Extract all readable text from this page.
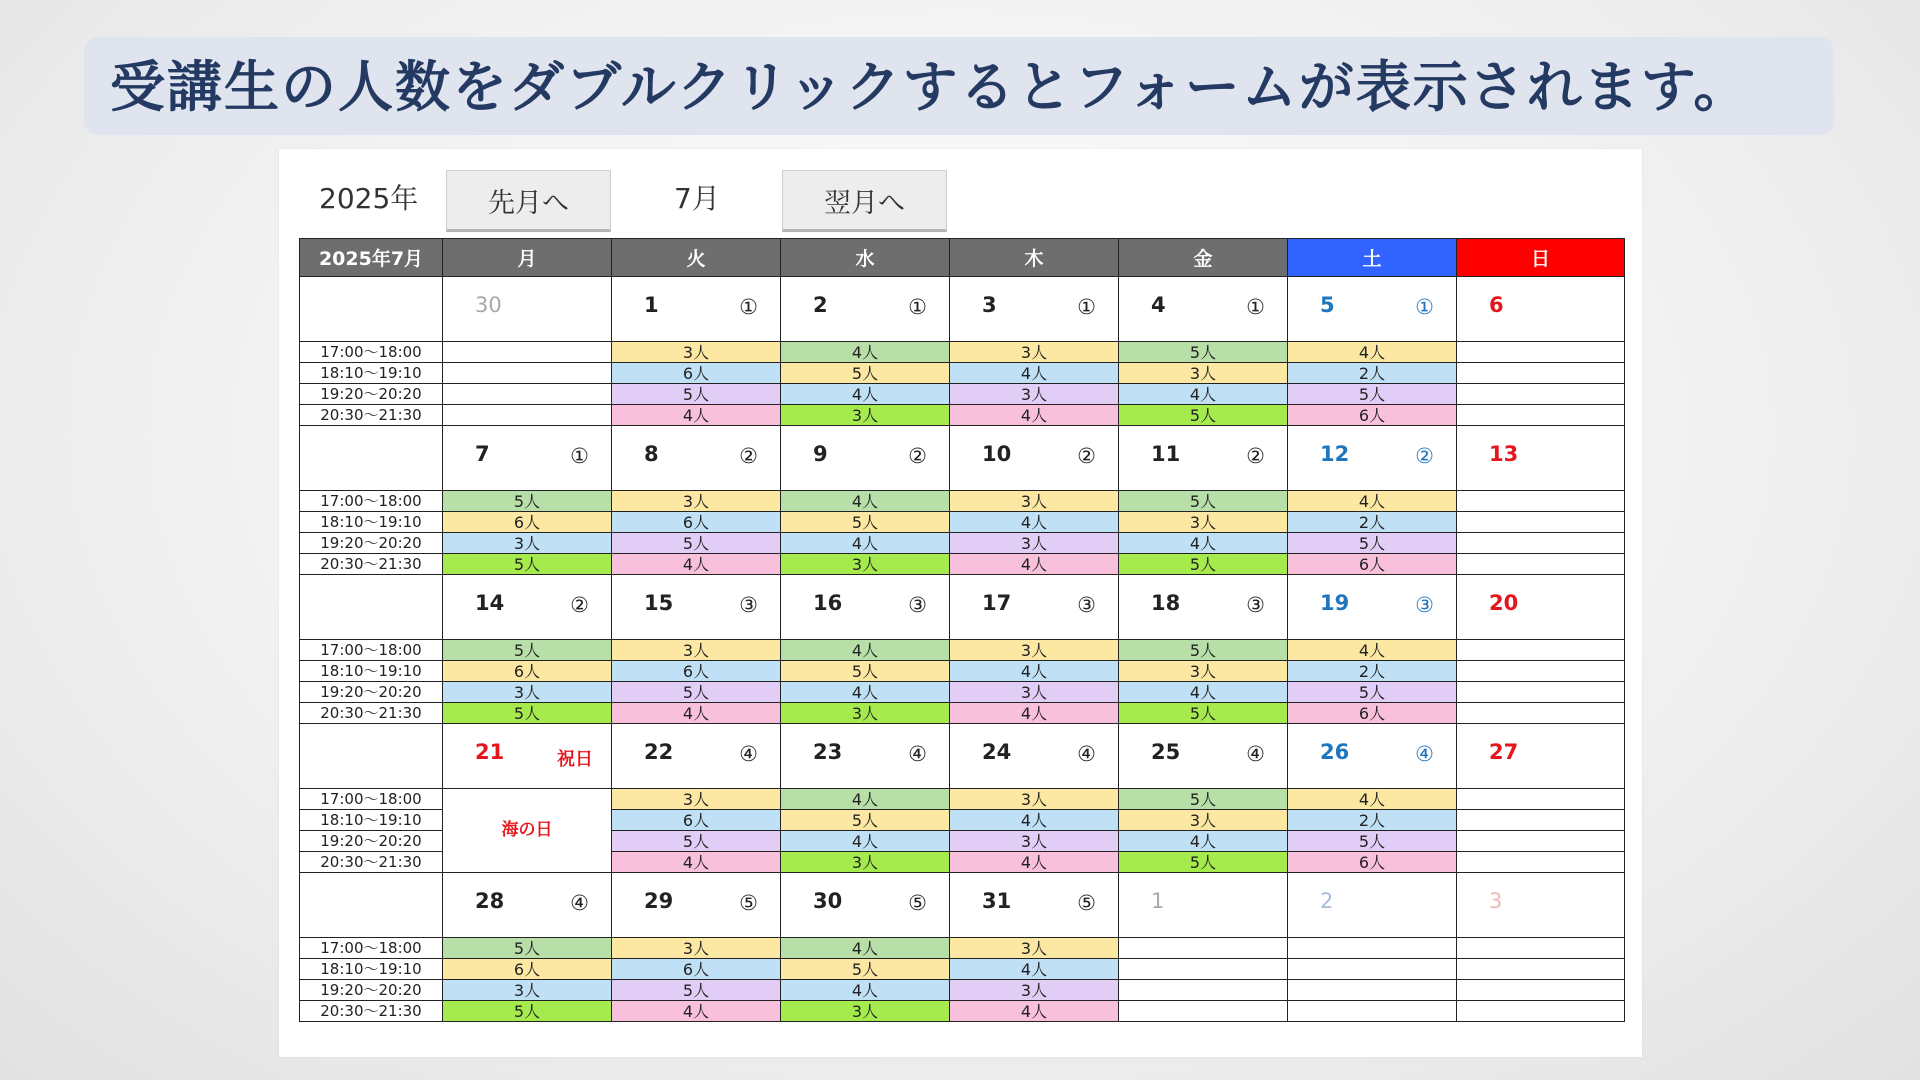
受講生の人数をダブルクリックするとフォームが表示されます。
2025年	先月へ	7月	翌月へ
2025年7月	月	火	水	木	金	土	日

	30	1 ①	2 ①	3 ①	4 ①	5 ①	6

17:00～18:00		3人	4人	3人	5人	4人	
18:10～19:10		6人	5人	4人	3人	2人	
19:20～20:20		5人	4人	3人	4人	5人	
20:30～21:30		4人	3人	4人	5人	6人	

	7 ①	8 ②	9 ②	10 ②	11 ②	12 ②	13

17:00～18:00	5人	3人	4人	3人	5人	4人	
18:10～19:10	6人	6人	5人	4人	3人	2人	
19:20～20:20	3人	5人	4人	3人	4人	5人	
20:30～21:30	5人	4人	3人	4人	5人	6人	

	14 ②	15 ③	16 ③	17 ③	18 ③	19 ③	20

17:00～18:00	5人	3人	4人	3人	5人	4人	
18:10～19:10	6人	6人	5人	4人	3人	2人	
19:20～20:20	3人	5人	4人	3人	4人	5人	
20:30～21:30	5人	4人	3人	4人	5人	6人	

	21 祝日	22 ④	23 ④	24 ④	25 ④	26 ④	27

17:00～18:00	海の日	3人	4人	3人	5人	4人	
18:10～19:10		6人	5人	4人	3人	2人	
19:20～20:20		5人	4人	3人	4人	5人	
20:30～21:30		4人	3人	4人	5人	6人	

	28 ④	29 ⑤	30 ⑤	31 ⑤	1	2	3

17:00～18:00	5人	3人	4人	3人			
18:10～19:10	6人	6人	5人	4人			
19:20～20:20	3人	5人	4人	3人			
20:30～21:30	5人	4人	3人	4人			
